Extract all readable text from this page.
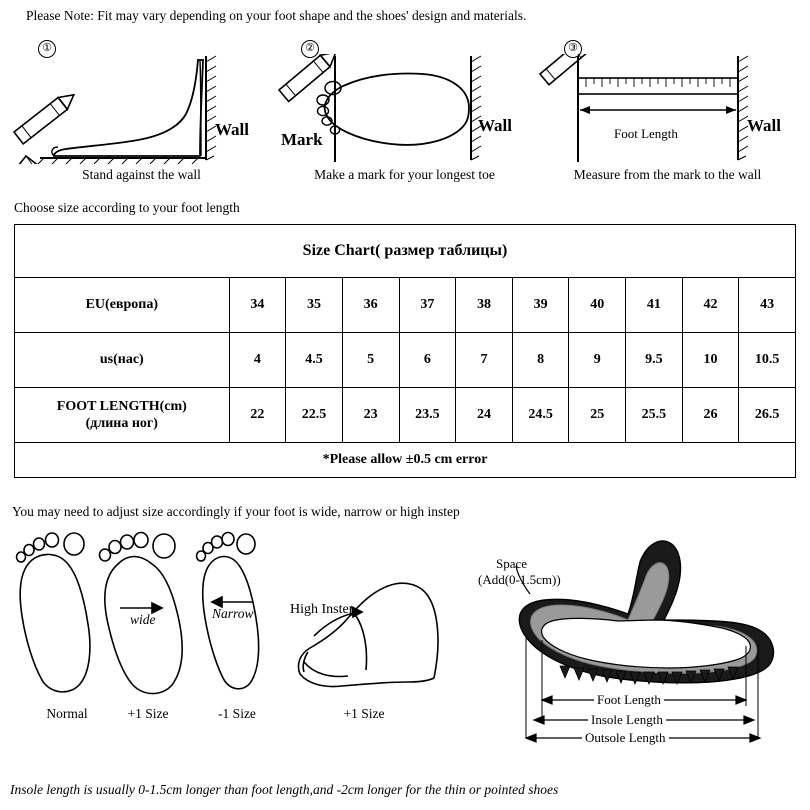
Please Note: Fit may vary depending on your foot shape and the shoes' design and materials.
①
Wall
Stand against the wall
②
Wall
Mark
Make a mark for your longest toe
③
Wall
Foot Length
Measure from the mark to the wall
Choose size according to your foot length
Size Chart( размер таблицы)										
EU(европа)	34	35	36	37	38	39	40	41	42	43
us(нас)	4	4.5	5	6	7	8	9	9.5	10	10.5

FOOT LENGTH(cm)
(длина ног)	22	22.5	23	23.5	24	24.5	25	25.5	26	26.5
*Please allow ±0.5 cm error										
You may need to adjust size accordingly if your foot is wide, narrow or high instep
Normal	+1 Size	-1 Size	+1 Size
wide	Narrow	High Instep
Space
(Add(0-1.5cm))
Foot Length
Insole Length
Outsole Length
Insole length is usually 0-1.5cm longer than foot length,and -2cm longer for the thin or pointed shoes
